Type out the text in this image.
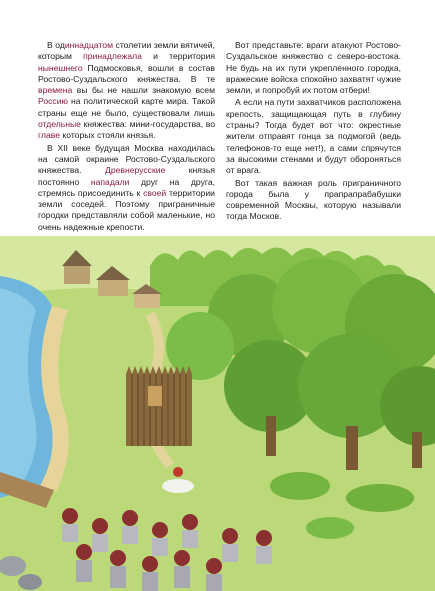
В одиннадцатом столетии земли вятичей, которым принадлежала и территория нынешнего Подмосковья, вошли в состав Ростово-Суздальского княжества. В те времена вы бы не нашли знакомую всем Россию на политической карте мира. Такой страны еще не было, существовали лишь отдельные княжества: мини-государства, во главе которых стояли князья.

В XII веке будущая Москва находилась на самой окраине Ростово-Суздальского княжества. Древнерусские князья постоянно нападали друг на друга, стремясь присоединить к своей территории земли соседей. Поэтому приграничные городки представляли собой маленькие, но очень надежные крепости.

Вот представьте: враги атакуют Ростово-Суздальское княжество с северо-востока. Не будь на их пути укрепленного городка, вражеские войска спокойно захватят чужие земли, и попробуй их потом отбери!

А если на пути захватчиков расположена крепость, защищающая путь в глубину страны? Тогда будет вот что: окрестные жители отправят гонца за подмогой (ведь телефонов-то еще нет!), а сами спрячутся за высокими стенами и будут обороняться от врага.

Вот такая важная роль приграничного города была у прапрапрабабушки современной Москвы, которую называли тогда Москов.
